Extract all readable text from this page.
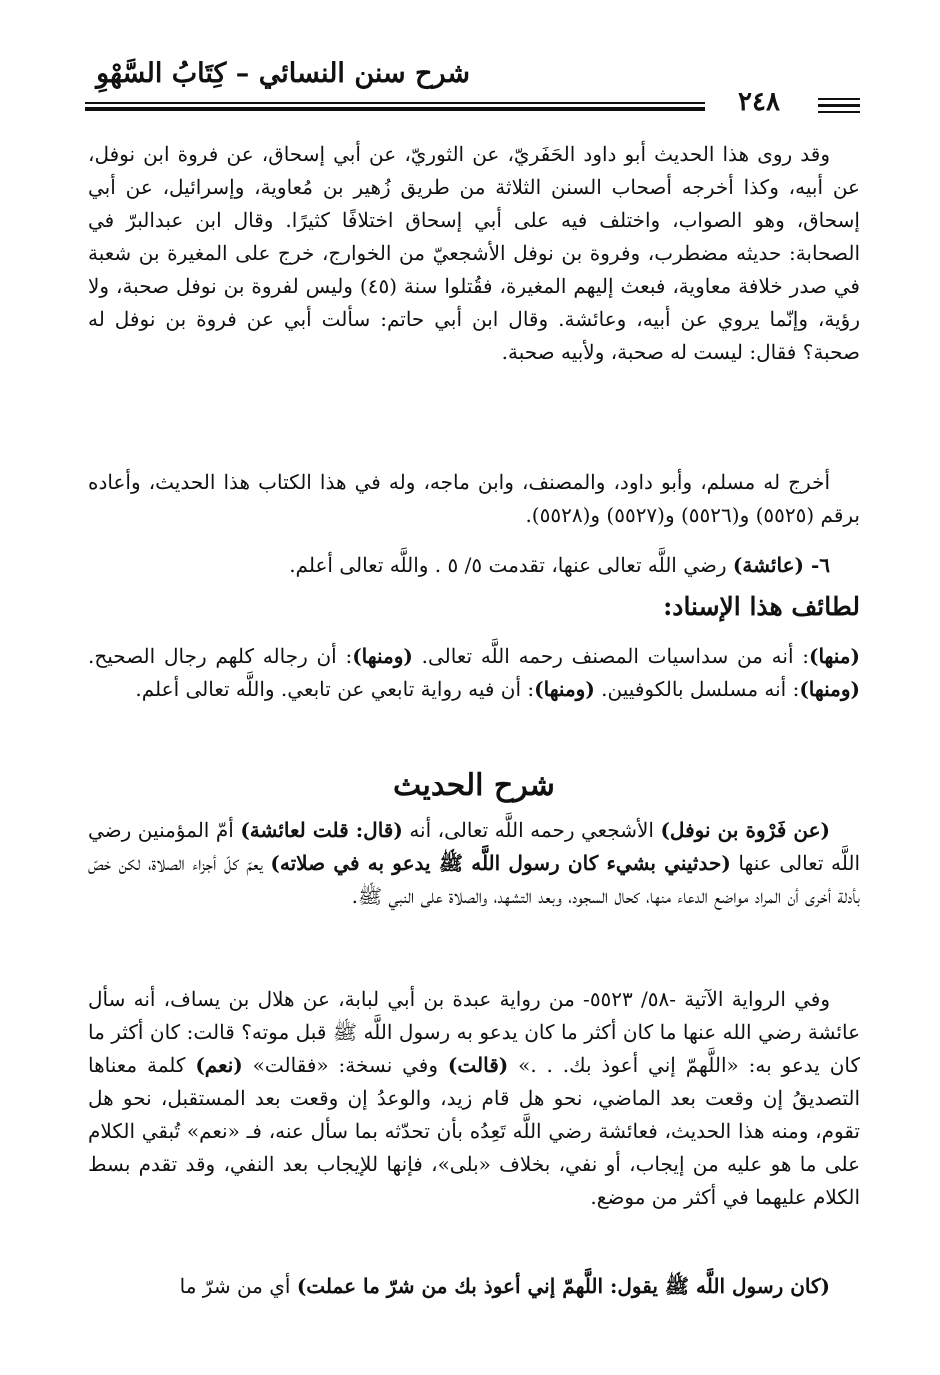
شرح سنن النسائي – كِتَابُ السَّهْوِ
٢٤٨

وقد روى هذا الحديث أبو داود الحَفَريّ، عن الثوريّ، عن أبي إسحاق، عن فروة ابن نوفل، عن أبيه، وكذا أخرجه أصحاب السنن الثلاثة من طريق زُهير بن مُعاوية، وإسرائيل، عن أبي إسحاق، وهو الصواب، واختلف فيه على أبي إسحاق اختلافًا كثيرًا. وقال ابن عبدالبرّ في الصحابة: حديثه مضطرب، وفروة بن نوفل الأشجعيّ من الخوارج، خرج على المغيرة بن شعبة في صدر خلافة معاوية، فبعث إليهم المغيرة، فقُتلوا سنة (٤٥) وليس لفروة بن نوفل صحبة، ولا رؤية، وإنّما يروي عن أبيه، وعائشة. وقال ابن أبي حاتم: سألت أبي عن فروة بن نوفل له صحبة؟ فقال: ليست له صحبة، ولأبيه صحبة.

أخرج له مسلم، وأبو داود، والمصنف، وابن ماجه، وله في هذا الكتاب هذا الحديث، وأعاده برقم (٥٥٢٥) و(٥٥٢٦) و(٥٥٢٧) و(٥٥٢٨).

٦- (عائشة) رضي اللَّه تعالى عنها، تقدمت ٥/ ٥ . واللَّه تعالى أعلم.

لطائف هذا الإسناد:

(منها): أنه من سداسيات المصنف رحمه اللَّه تعالى. (ومنها): أن رجاله كلهم رجال الصحيح. (ومنها): أنه مسلسل بالكوفيين. (ومنها): أن فيه رواية تابعي عن تابعي. واللَّه تعالى أعلم.

شرح الحديث

(عن فَرْوة بن نوفل) الأشجعي رحمه اللَّه تعالى، أنه (قال: قلت لعائشة) أمّ المؤمنين رضي اللَّه تعالى عنها (حدثيني بشيء كان رسول اللَّه ﷺ يدعو به في صلاته) يعمّ كلّ أجزاء الصلاة، لكن خصّ بأدلة أخرى أن المراد مواضع الدعاء منها، كحال السجود، وبعد التشهد، والصلاة على النبي ﷺ.

وفي الرواية الآتية -٥٨/ ٥٥٢٣- من رواية عبدة بن أبي لبابة، عن هلال بن يساف، أنه سأل عائشة رضي الله عنها ما كان أكثر ما كان يدعو به رسول اللَّه ﷺ قبل موته؟ قالت: كان أكثر ما كان يدعو به: «اللَّهمّ إني أعوذ بك. . .» (قالت) وفي نسخة: «فقالت» (نعم) كلمة معناها التصديقُ إن وقعت بعد الماضي، نحو هل قام زيد، والوعدُ إن وقعت بعد المستقبل، نحو هل تقوم، ومنه هذا الحديث، فعائشة رضي اللَّه تَعِدُه بأن تحدّثه بما سأل عنه، فـ «نعم» تُبقي الكلام على ما هو عليه من إيجاب، أو نفي، بخلاف «بلى»، فإنها للإيجاب بعد النفي، وقد تقدم بسط الكلام عليهما في أكثر من موضع.

(كان رسول اللَّه ﷺ يقول: اللَّهمّ إني أعوذ بك من شرّ ما عملت) أي من شرّ ما
